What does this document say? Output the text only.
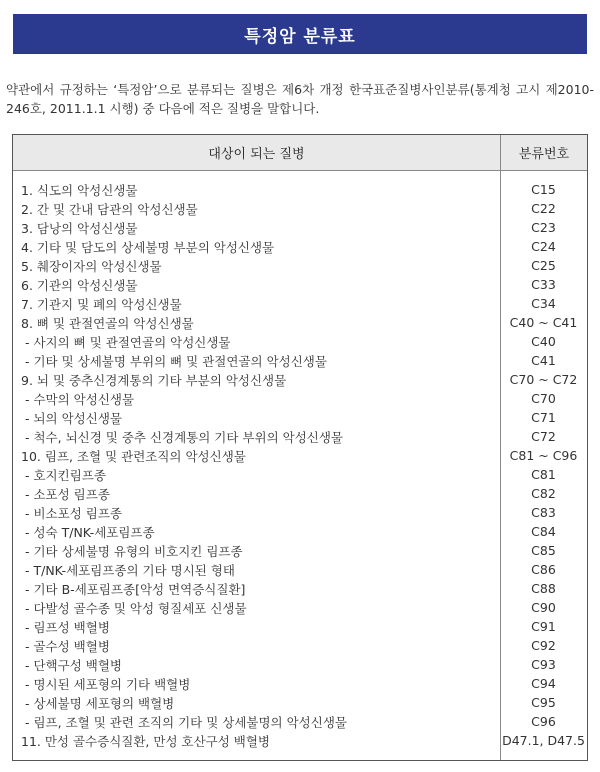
특정암 분류표
약관에서 규정하는 ‘특정암’으로 분류되는 질병은 제6차 개정 한국표준질병사인분류(통계청 고시 제2010-246호, 2011.1.1 시행) 중 다음에 적은 질병을 말합니다.
대상이 되는 질병	분류번호
1. 식도의 악성신생물	C15
2. 간 및 간내 담관의 악성신생물	C22
3. 담낭의 악성신생물	C23
4. 기타 및 담도의 상세불명 부분의 악성신생물	C24
5. 췌장이자의 악성신생물	C25
6. 기관의 악성신생물	C33
7. 기관지 및 폐의 악성신생물	C34
8. 뼈 및 관절연골의 악성신생물	C40 ~ C41
- 사지의 뼈 및 관절연골의 악성신생물	C40
- 기타 및 상세불명 부위의 뼈 및 관절연골의 악성신생물	C41
9. 뇌 및 중추신경계통의 기타 부분의 악성신생물	C70 ~ C72
- 수막의 악성신생물	C70
- 뇌의 악성신생물	C71
- 척수, 뇌신경 및 중추 신경계통의 기타 부위의 악성신생물	C72
10. 림프, 조혈 및 관련조직의 악성신생물	C81 ~ C96
- 호지킨림프종	C81
- 소포성 림프종	C82
- 비소포성 림프종	C83
- 성숙 T/NK-세포림프종	C84
- 기타 상세불명 유형의 비호지킨 림프종	C85
- T/NK-세포림프종의 기타 명시된 형태	C86
- 기타 B-세포림프종[악성 면역증식질환]	C88
- 다발성 골수종 및 악성 형질세포 신생물	C90
- 림프성 백혈병	C91
- 골수성 백혈병	C92
- 단핵구성 백혈병	C93
- 명시된 세포형의 기타 백혈병	C94
- 상세불명 세포형의 백혈병	C95
- 림프, 조혈 및 관련 조직의 기타 및 상세불명의 악성신생물	C96
11. 만성 골수증식질환, 만성 호산구성 백혈병	D47.1, D47.5
